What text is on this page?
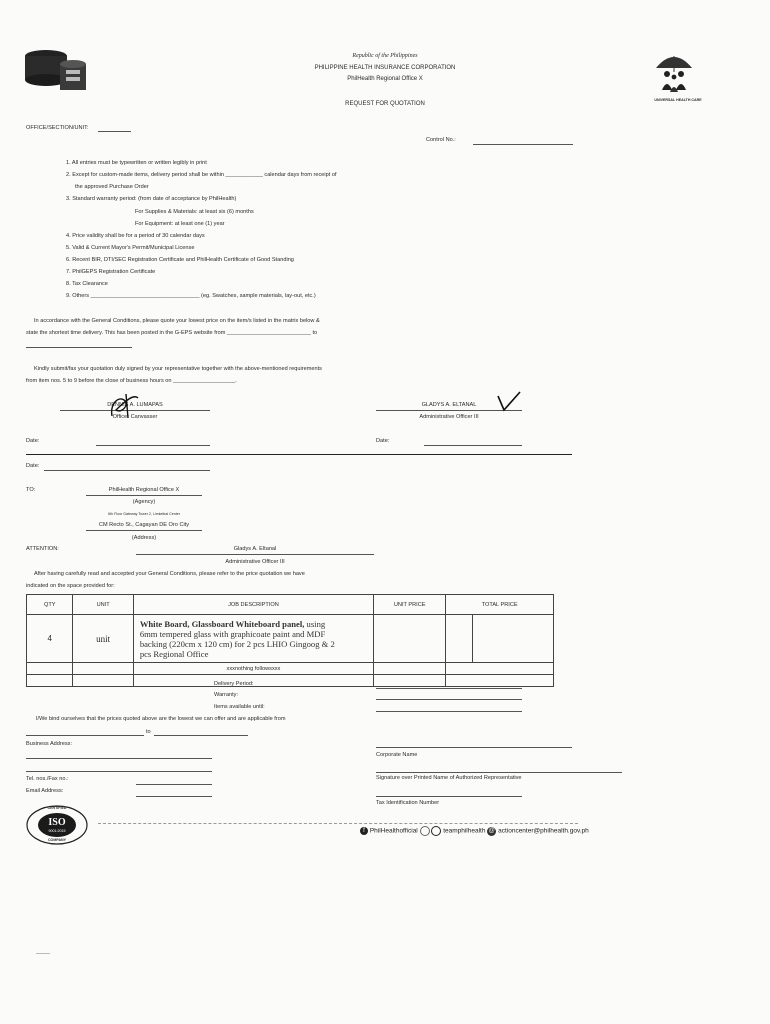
Republic of the Philippines
PHILIPPINE HEALTH INSURANCE CORPORATION
PhilHealth Regional Office X
REQUEST FOR QUOTATION
UNIVERSAL HEALTH CARE
OFFICE/SECTION/UNIT:
Control No.:
1. All entries must be typewritten or written legibly in print
2. Except for custom-made items, delivery period shall be within ____________ calendar days from receipt of
the approved Purchase Order
3. Standard warranty period: (from date of acceptance by PhilHealth)
For Supplies & Materials: at least six (6) months
For Equipment: at least one (1) year
4. Price validity shall be for a period of 30 calendar days
5. Valid & Current Mayor's Permit/Municipal License
6. Recent BIR, DTI/SEC Registration Certificate and PhilHealth Certificate of Good Standing
7. PhilGEPS Registration Certificate
8. Tax Clearance
9. Others ___________________________________ (eg. Swatches, sample materials, lay-out, etc.)
In accordance with the General Conditions, please quote your lowest price on the item/s listed in the matrix below &
state the shortest time delivery. This has been posted in the G-EPS website from ___________________________ to
Kindly submit/fax your quotation duly signed by your representative together with the above-mentioned requirements
from item nos. 5 to 9 before the close of business hours on ____________________.
DENNIS A. LUMAPAS
Officer Canvasser
GLADYS A. ELTANAL
Administrative Officer III
Date:	Date:
Date:
TO:	PhilHealth Regional Office X
(Agency)
6th Floor Gateway Tower 2, Limketkai Center
CM Recto St., Cagayan DE Oro City
(Address)
ATTENTION:	Gladys A. Eltanal
Administrative Officer III
After having carefully read and accepted your General Conditions, please refer to the price quotation we have
indicated on the space provided for:
QTY	UNIT	JOB DESCRIPTION	UNIT PRICE	TOTAL PRICE
4	unit	White Board, Glassboard Whiteboard panel, using
6mm tempered glass with graphicoate paint and MDF
backing (220cm x 120 cm) for 2 pcs LHIO Gingoog & 2
pcs Regional Office		

		xxxnothing followsxxx		

Delivery Period:
Warranty:
Items available until:
I/We bind ourselves that the prices quoted above are the lowest we can offer and are applicable from
to
Business Address:
Corporate Name
Signature over Printed Name of Authorized Representative
Tel. nos./Fax no.:
Email Address:
Tax Identification Number
CERTIFIED
ISO
9001:2015
COMPANY
f PhilHealthofficial	teamphilhealth @ actioncenter@philhealth.gov.ph
